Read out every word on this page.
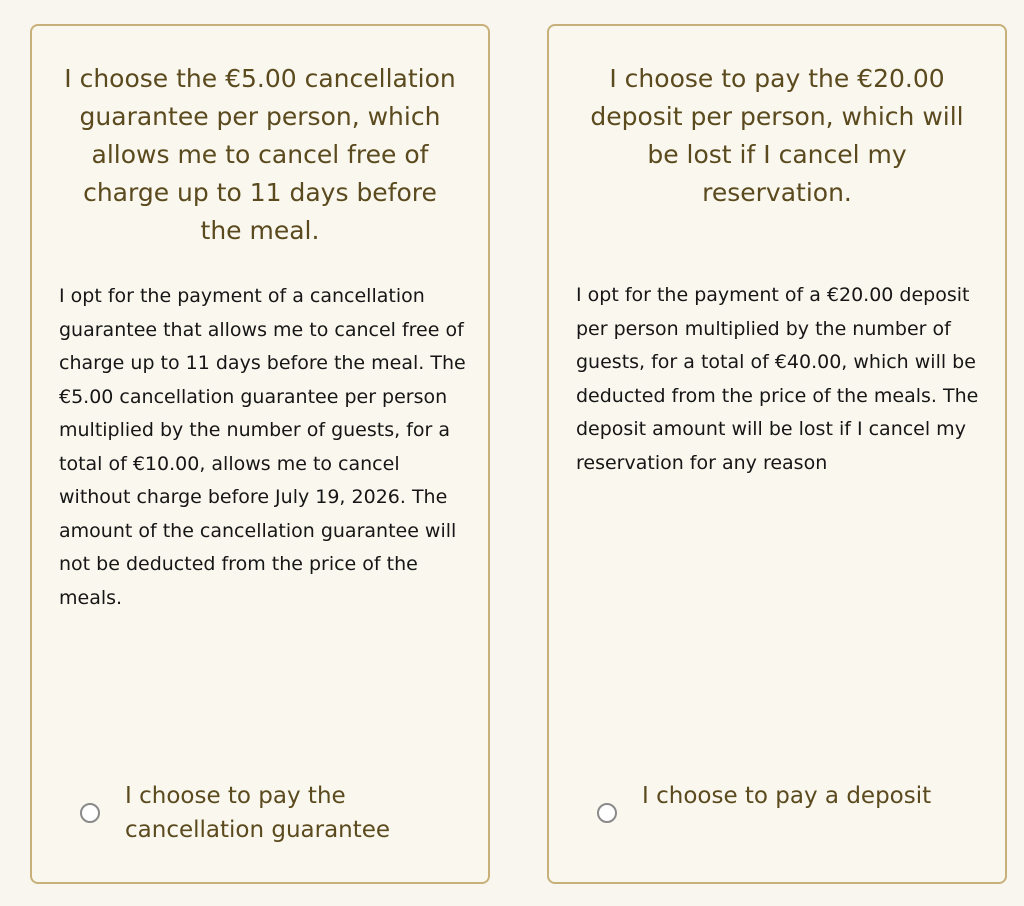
I choose the €5.00 cancellation guarantee per person, which allows me to cancel free of charge up to 11 days before the meal.
I opt for the payment of a cancellation guarantee that allows me to cancel free of charge up to 11 days before the meal. The €5.00 cancellation guarantee per person multiplied by the number of guests, for a total of €10.00, allows me to cancel without charge before July 19, 2026. The amount of the cancellation guarantee will not be deducted from the price of the meals.
I choose to pay the cancellation guarantee
I choose to pay the €20.00 deposit per person, which will be lost if I cancel my reservation.
I opt for the payment of a €20.00 deposit per person multiplied by the number of guests, for a total of €40.00, which will be deducted from the price of the meals. The deposit amount will be lost if I cancel my reservation for any reason
I choose to pay a deposit
